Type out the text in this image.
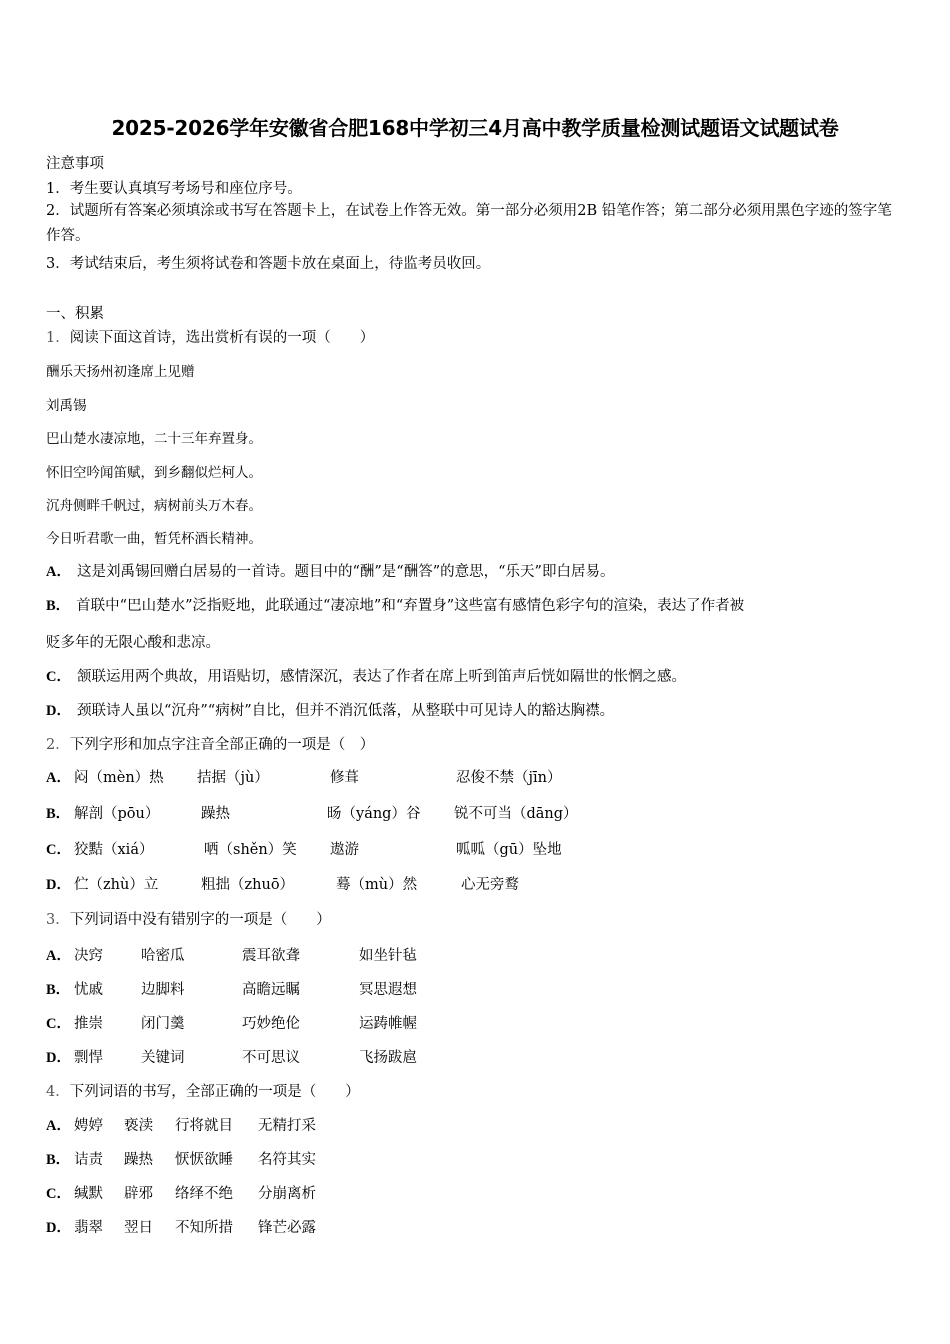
2025-2026学年安徽省合肥168中学初三4月高中教学质量检测试题语文试题试卷
注意事项
1．考生要认真填写考场号和座位序号。
2．试题所有答案必须填涂或书写在答题卡上，在试卷上作答无效。第一部分必须用2B 铅笔作答；第二部分必须用黑色字迹的签字笔作答。
3．考试结束后，考生须将试卷和答题卡放在桌面上，待监考员收回。
一、积累
1．阅读下面这首诗，选出赏析有误的一项（　　）
酬乐天扬州初逢席上见赠
刘禹锡
巴山楚水凄凉地，二十三年弃置身。
怀旧空吟闻笛赋，到乡翻似烂柯人。
沉舟侧畔千帆过，病树前头万木春。
今日听君歌一曲，暂凭杯酒长精神。
A． 这是刘禹锡回赠白居易的一首诗。题目中的“酬”是“酬答”的意思，“乐天”即白居易。
B． 首联中“巴山楚水”泛指贬地，此联通过“凄凉地”和“弃置身”这些富有感情色彩字句的渲染，表达了作者被
贬多年的无限心酸和悲凉。
C． 颔联运用两个典故，用语贴切，感情深沉，表达了作者在席上听到笛声后恍如隔世的怅惘之感。
D． 颈联诗人虽以“沉舟”“病树”自比，但并不消沉低落，从整联中可见诗人的豁达胸襟。
2．下列字形和加点字注音全部正确的一项是（　）
A． 闷（mèn）热 拮据（jù）	修葺	忍俊不禁（jīn）
B． 解剖（pōu）	躁热	旸（yáng）谷 锐不可当（dāng）
C． 狡黠（xiá）	哂（shěn）笑 遨游	呱呱（gū）坠地
D． 伫（zhù）立	粗拙（zhuō）	蓦（mù）然	心无旁鹜
3．下列词语中没有错别字的一项是（　　）
A． 决窍	哈密瓜	震耳欲聋	如坐针毡
B． 忧戚	边脚料	高瞻远瞩	冥思遐想
C． 推崇	闭门羹	巧妙绝伦	运踌帷幄
D． 剽悍	关键词	不可思议	飞扬跋扈
4．下列词语的书写，全部正确的一项是（　　）
A． 娉婷 亵渎 行将就目 无精打采
B． 诘责 躁热 恹恹欲睡 名符其实
C． 缄默 辟邪 络绎不绝 分崩离析
D． 翡翠 翌日 不知所措 锋芒必露
